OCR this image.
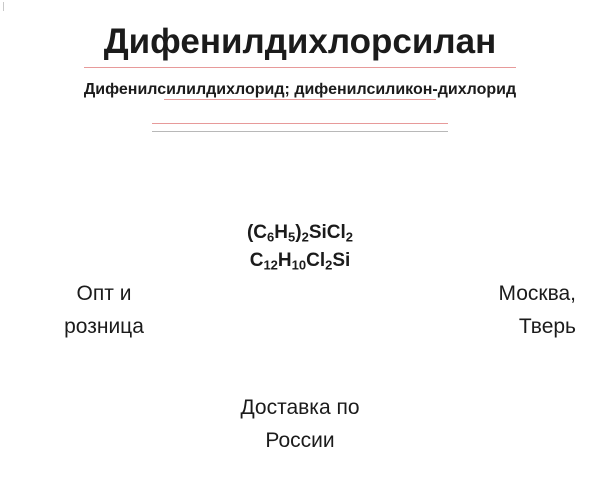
Дифенилдихлорсилан
Дифенилсилилдихлорид; дифенилсиликон-дихлорид
$(C_6H_5)_2SiCl_2$
$C_{12}H_{10}Cl_2Si$
Опт и
розница
Москва,
Тверь
Доставка по
России
